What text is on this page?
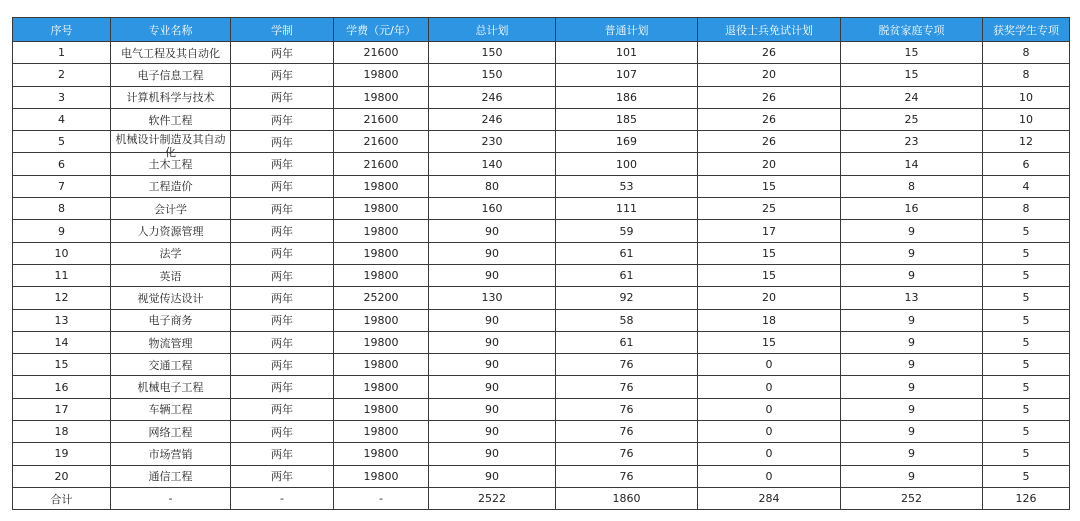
序号	专业名称	学制	学费（元/年）	总计划	普通计划	退役士兵免试计划	脱贫家庭专项	获奖学生专项
1	电气工程及其自动化	两年	21600	150	101	26	15	8
2	电子信息工程	两年	19800	150	107	20	15	8
3	计算机科学与技术	两年	19800	246	186	26	24	10
4	软件工程	两年	21600	246	185	26	25	10
5	机械设计制造及其自动化	两年	21600	230	169	26	23	12
6	土木工程	两年	21600	140	100	20	14	6
7	工程造价	两年	19800	80	53	15	8	4
8	会计学	两年	19800	160	111	25	16	8
9	人力资源管理	两年	19800	90	59	17	9	5
10	法学	两年	19800	90	61	15	9	5
11	英语	两年	19800	90	61	15	9	5
12	视觉传达设计	两年	25200	130	92	20	13	5
13	电子商务	两年	19800	90	58	18	9	5
14	物流管理	两年	19800	90	61	15	9	5
15	交通工程	两年	19800	90	76	0	9	5
16	机械电子工程	两年	19800	90	76	0	9	5
17	车辆工程	两年	19800	90	76	0	9	5
18	网络工程	两年	19800	90	76	0	9	5
19	市场营销	两年	19800	90	76	0	9	5
20	通信工程	两年	19800	90	76	0	9	5
合计	-	-	-	2522	1860	284	252	126
